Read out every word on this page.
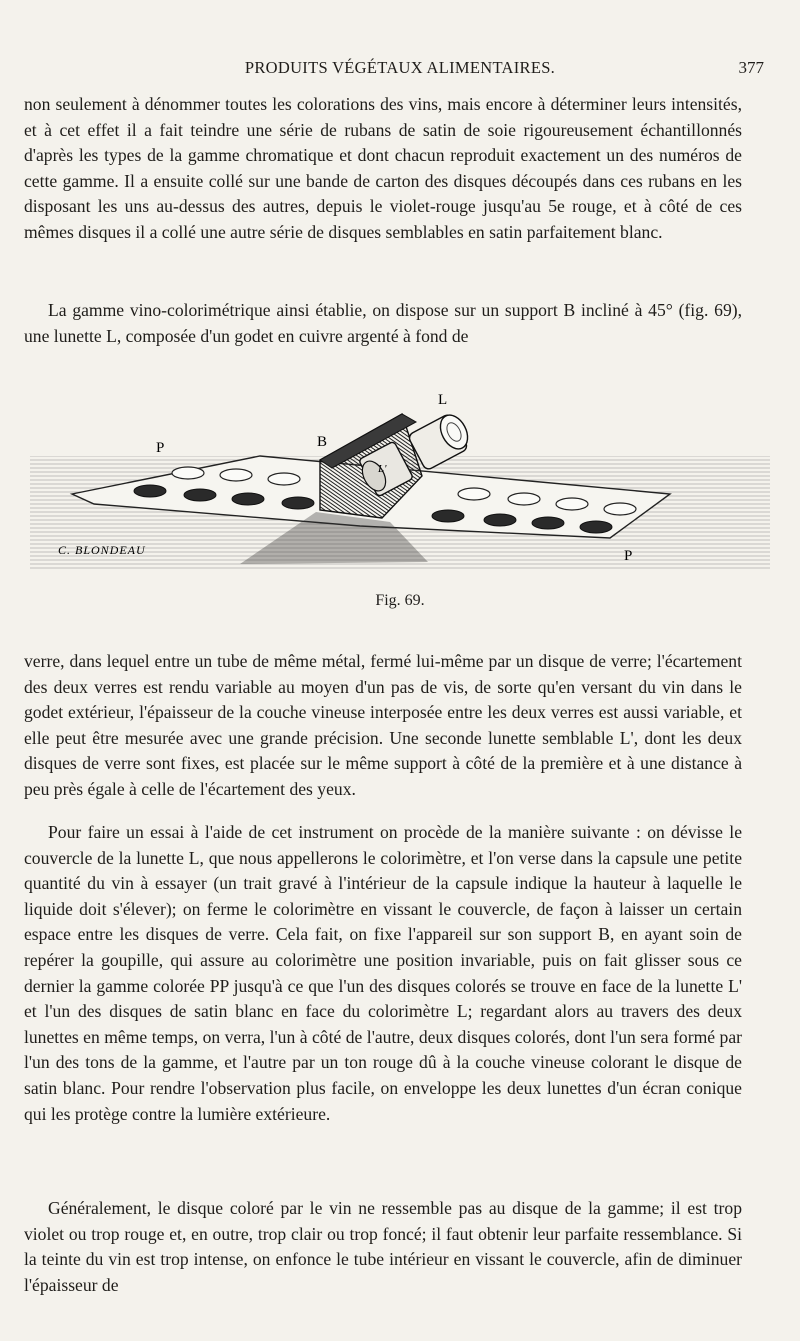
PRODUITS VÉGÉTAUX ALIMENTAIRES.	377

non seulement à dénommer toutes les colorations des vins, mais encore à déterminer leurs intensités, et à cet effet il a fait teindre une série de rubans de satin de soie rigoureusement échantillonnés d'après les types de la gamme chromatique et dont chacun reproduit exactement un des numéros de cette gamme. Il a ensuite collé sur une bande de carton des disques découpés dans ces rubans en les disposant les uns au-dessus des autres, depuis le violet-rouge jusqu'au 5e rouge, et à côté de ces mêmes disques il a collé une autre série de disques semblables en satin parfaitement blanc.

La gamme vino-colorimétrique ainsi établie, on dispose sur un support B incliné à 45° (fig. 69), une lunette L, composée d'un godet en cuivre argenté à fond de

L
B
P
P
L'
C. BLONDEAU
Fig. 69.

verre, dans lequel entre un tube de même métal, fermé lui-même par un disque de verre; l'écartement des deux verres est rendu variable au moyen d'un pas de vis, de sorte qu'en versant du vin dans le godet extérieur, l'épaisseur de la couche vineuse interposée entre les deux verres est aussi variable, et elle peut être mesurée avec une grande précision. Une seconde lunette semblable L', dont les deux disques de verre sont fixes, est placée sur le même support à côté de la première et à une distance à peu près égale à celle de l'écartement des yeux.

Pour faire un essai à l'aide de cet instrument on procède de la manière suivante : on dévisse le couvercle de la lunette L, que nous appellerons le colorimètre, et l'on verse dans la capsule une petite quantité du vin à essayer (un trait gravé à l'intérieur de la capsule indique la hauteur à laquelle le liquide doit s'élever); on ferme le colorimètre en vissant le couvercle, de façon à laisser un certain espace entre les disques de verre. Cela fait, on fixe l'appareil sur son support B, en ayant soin de repérer la goupille, qui assure au colorimètre une position invariable, puis on fait glisser sous ce dernier la gamme colorée PP jusqu'à ce que l'un des disques colorés se trouve en face de la lunette L' et l'un des disques de satin blanc en face du colorimètre L; regardant alors au travers des deux lunettes en même temps, on verra, l'un à côté de l'autre, deux disques colorés, dont l'un sera formé par l'un des tons de la gamme, et l'autre par un ton rouge dû à la couche vineuse colorant le disque de satin blanc. Pour rendre l'observation plus facile, on enveloppe les deux lunettes d'un écran conique qui les protège contre la lumière extérieure.

Généralement, le disque coloré par le vin ne ressemble pas au disque de la gamme; il est trop violet ou trop rouge et, en outre, trop clair ou trop foncé; il faut obtenir leur parfaite ressemblance. Si la teinte du vin est trop intense, on enfonce le tube intérieur en vissant le couvercle, afin de diminuer l'épaisseur de
